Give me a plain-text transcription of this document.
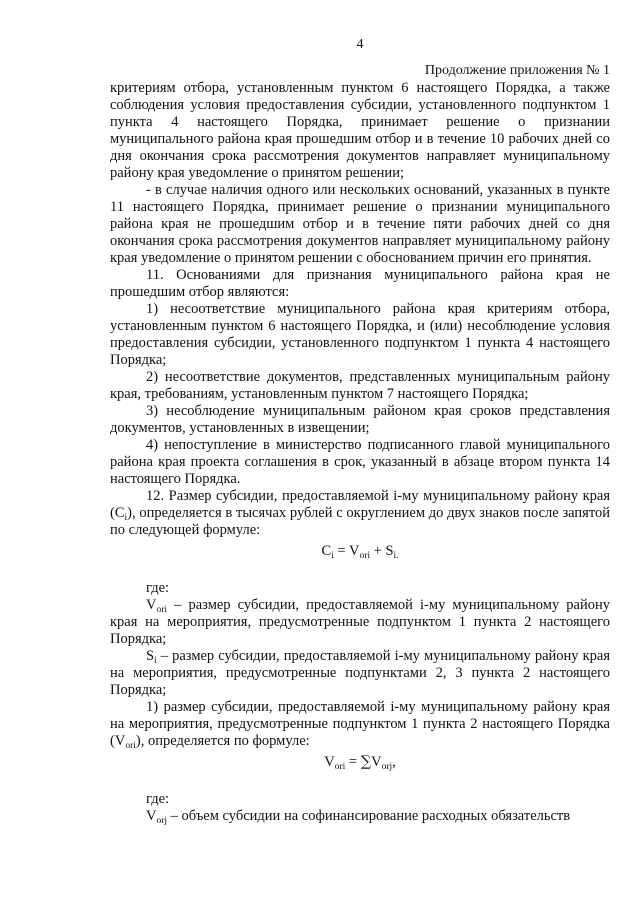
4
Продолжение приложения № 1

критериям отбора, установленным пунктом 6 настоящего Порядка, а также соблюдения условия предоставления субсидии, установленного подпунктом 1 пункта 4 настоящего Порядка, принимает решение о признании муниципального района края прошедшим отбор и в течение 10 рабочих дней со дня окончания срока рассмотрения документов направляет муниципальному району края уведомление о принятом решении;

- в случае наличия одного или нескольких оснований, указанных в пункте 11 настоящего Порядка, принимает решение о признании муниципального района края не прошедшим отбор и в течение пяти рабочих дней со дня окончания срока рассмотрения документов направляет муниципальному району края уведомление о принятом решении с обоснованием причин его принятия.

11. Основаниями для признания муниципального района края не прошедшим отбор являются:

1) несоответствие муниципального района края критериям отбора, установленным пунктом 6 настоящего Порядка, и (или) несоблюдение условия предоставления субсидии, установленного подпунктом 1 пункта 4 настоящего Порядка;

2) несоответствие документов, представленных муниципальным району края, требованиям, установленным пунктом 7 настоящего Порядка;

3) несоблюдение муниципальным районом края сроков представления документов, установленных в извещении;

4) непоступление в министерство подписанного главой муниципального района края проекта соглашения в срок, указанный в абзаце втором пункта 14 настоящего Порядка.

12. Размер субсидии, предоставляемой i-му муниципальному району края $(C_i)$, определяется в тысячах рублей с округлением до двух знаков после запятой по следующей формуле:

$C_i = V_{ori} + S_{i.}$

где:

$V_{ori}$ – размер субсидии, предоставляемой i-му муниципальному району края на мероприятия, предусмотренные подпунктом 1 пункта 2 настоящего Порядка;

$S_i$ – размер субсидии, предоставляемой i-му муниципальному району края на мероприятия, предусмотренные подпунктами 2, 3 пункта 2 настоящего Порядка;

1) размер субсидии, предоставляемой i-му муниципальному району края на мероприятия, предусмотренные подпунктом 1 пункта 2 настоящего Порядка $(V_{ori})$, определяется по формуле:

$V_{ori} = \sum V_{orj}$,

где:

$V_{orj}$ – объем субсидии на софинансирование расходных обязательств
